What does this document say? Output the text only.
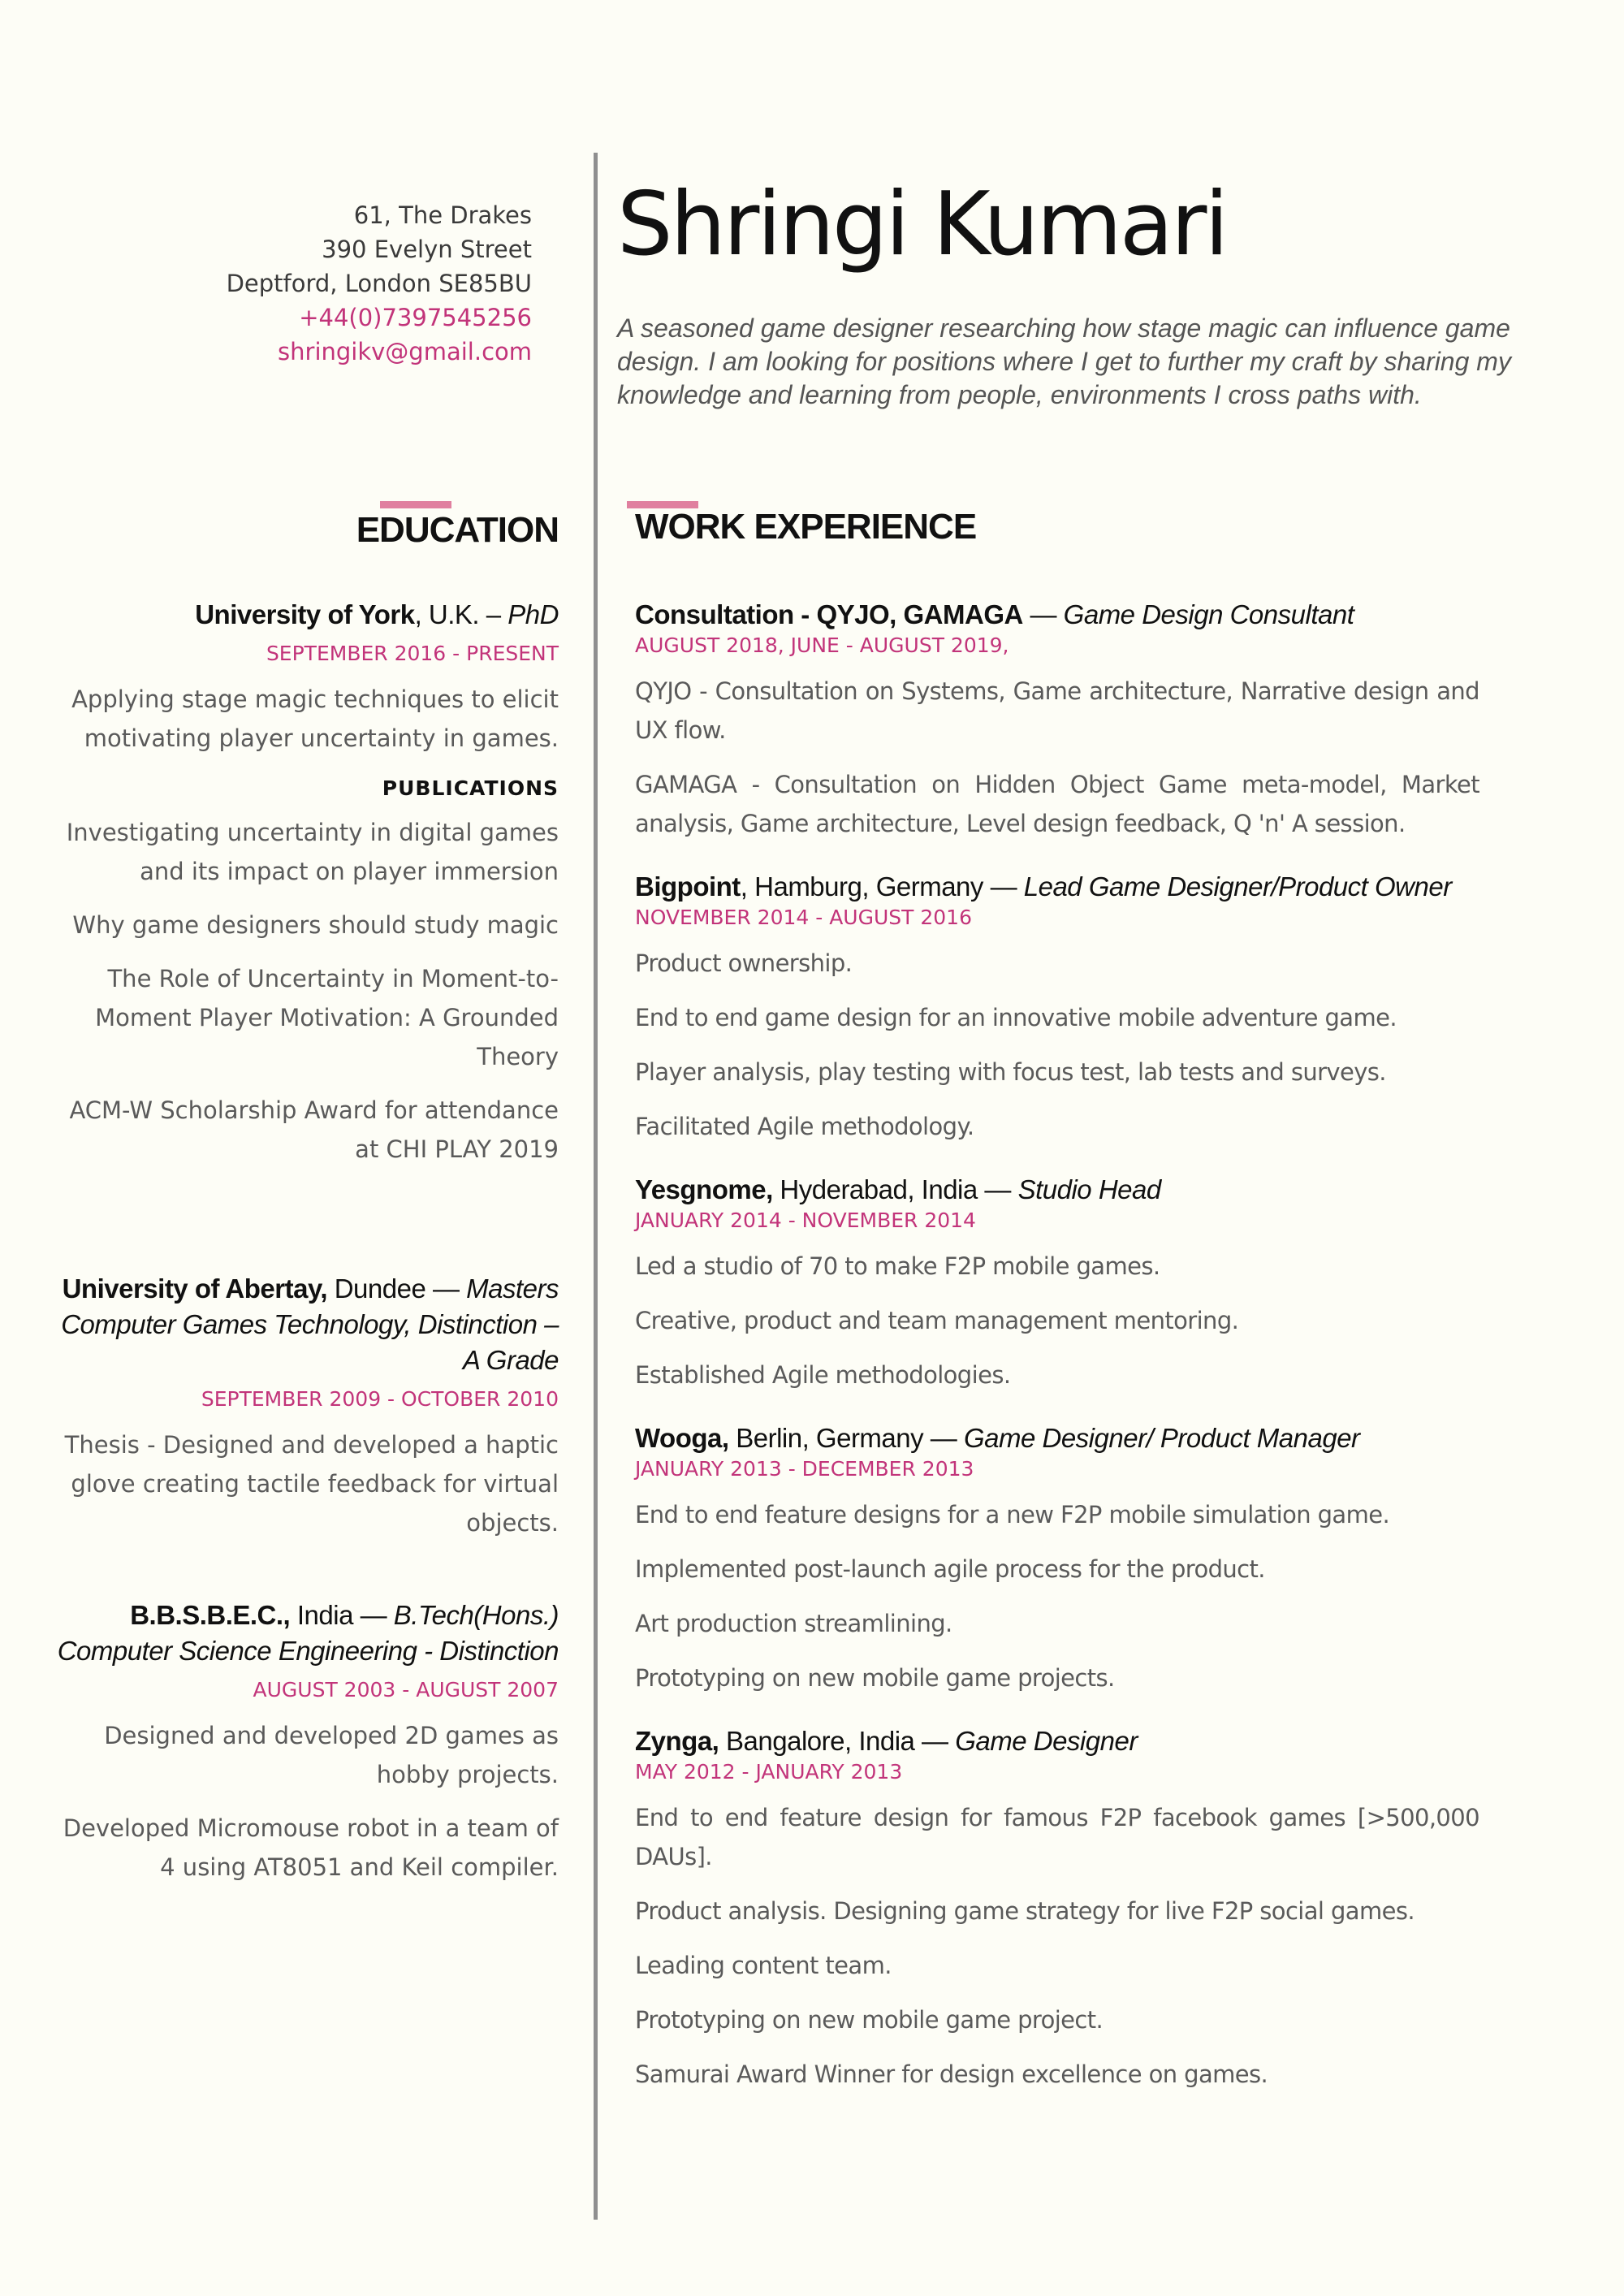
61, The Drakes
390 Evelyn Street
Deptford, London SE85BU
+44(0)7397545256
shringikv@gmail.com
Shringi Kumari
A seasoned game designer researching how stage magic can influence game design. I am looking for positions where I get to further my craft by sharing my knowledge and learning from people, environments I cross paths with.
EDUCATION WORK EXPERIENCE
University of York, U.K. – PhD
SEPTEMBER 2016 - PRESENT
Applying stage magic techniques to elicit motivating player uncertainty in games.
PUBLICATIONS
Investigating uncertainty in digital games and its impact on player immersion
Why game designers should study magic
The Role of Uncertainty in Moment-to-Moment Player Motivation: A Grounded Theory
ACM-W Scholarship Award for attendance at CHI PLAY 2019
University of Abertay, Dundee — Masters Computer Games Technology, Distinction – A Grade
SEPTEMBER 2009 - OCTOBER 2010
Thesis - Designed and developed a haptic glove creating tactile feedback for virtual objects.
B.B.S.B.E.C., India — B.Tech(Hons.) Computer Science Engineering - Distinction
AUGUST 2003 - AUGUST 2007
Designed and developed 2D games as hobby projects.
Developed Micromouse robot in a team of 4 using AT8051 and Keil compiler.
Consultation - QYJO, GAMAGA — Game Design Consultant
AUGUST 2018, JUNE - AUGUST 2019,
QYJO - Consultation on Systems, Game architecture, Narrative design and UX flow.
GAMAGA - Consultation on Hidden Object Game meta-model, Market analysis, Game architecture, Level design feedback, Q 'n' A session.
Bigpoint, Hamburg, Germany — Lead Game Designer/Product Owner
NOVEMBER 2014 - AUGUST 2016
Product ownership.
End to end game design for an innovative mobile adventure game.
Player analysis, play testing with focus test, lab tests and surveys.
Facilitated Agile methodology.
Yesgnome, Hyderabad, India — Studio Head
JANUARY 2014 - NOVEMBER 2014
Led a studio of 70 to make F2P mobile games.
Creative, product and team management mentoring.
Established Agile methodologies.
Wooga, Berlin, Germany — Game Designer/ Product Manager
JANUARY 2013 - DECEMBER 2013
End to end feature designs for a new F2P mobile simulation game.
Implemented post-launch agile process for the product.
Art production streamlining.
Prototyping on new mobile game projects.
Zynga, Bangalore, India — Game Designer
MAY 2012 - JANUARY 2013
End to end feature design for famous F2P facebook games [>500,000 DAUs].
Product analysis. Designing game strategy for live F2P social games.
Leading content team.
Prototyping on new mobile game project.
Samurai Award Winner for design excellence on games.
